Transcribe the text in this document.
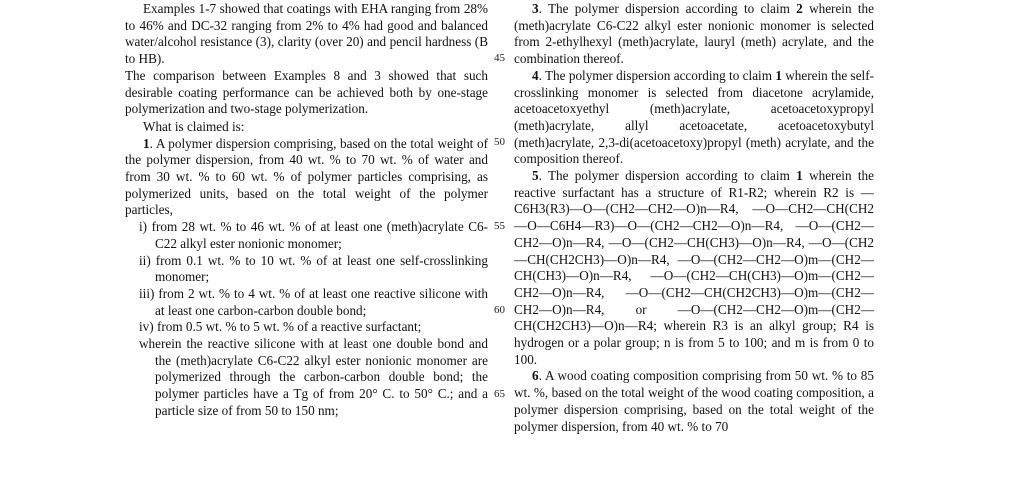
Examples 1-7 showed that coatings with EHA ranging from 28% to 46% and DC-32 ranging from 2% to 4% had good and balanced water/alcohol resistance (3), clarity (over 20) and pencil hardness (B to HB).

The comparison between Examples 8 and 3 showed that such desirable coating performance can be achieved both by one-stage polymerization and two-stage polymerization.

What is claimed is:

1. A polymer dispersion comprising, based on the total weight of the polymer dispersion, from 40 wt. % to 70 wt. % of water and from 30 wt. % to 60 wt. % of polymer particles comprising, as polymerized units, based on the total weight of the polymer particles,

i) from 28 wt. % to 46 wt. % of at least one (meth)acrylate C6-C22 alkyl ester nonionic monomer;

ii) from 0.1 wt. % to 10 wt. % of at least one self-crosslinking monomer;

iii) from 2 wt. % to 4 wt. % of at least one reactive silicone with at least one carbon-carbon double bond;

iv) from 0.5 wt. % to 5 wt. % of a reactive surfactant;

wherein the reactive silicone with at least one double bond and the (meth)acrylate C6-C22 alkyl ester nonionic monomer are polymerized through the carbon-carbon double bond; the polymer particles have a Tg of from 20° C. to 50° C.; and a particle size of from 50 to 150 nm;

45
50
55
60
65

3. The polymer dispersion according to claim 2 wherein the (meth)acrylate C6-C22 alkyl ester nonionic monomer is selected from 2-ethylhexyl (meth)acrylate, lauryl (meth) acrylate, and the combination thereof.

4. The polymer dispersion according to claim 1 wherein the self-crosslinking monomer is selected from diacetone acrylamide, acetoacetoxyethyl (meth)acrylate, acetoacetoxypropyl (meth)acrylate, allyl acetoacetate, acetoacetoxybutyl (meth)acrylate, 2,3-di(acetoacetoxy)propyl (meth) acrylate, and the composition thereof.

5. The polymer dispersion according to claim 1 wherein the reactive surfactant has a structure of R1-R2; wherein R2 is —C6H3(R3)—O—(CH2—CH2—O)n—R4, —O—CH2—CH(CH2—O—C6H4—R3)—O—(CH2—CH2—O)n—R4, —O—(CH2—CH2—O)n—R4, —O—(CH2—CH(CH3)—O)n—R4, —O—(CH2—CH(CH2CH3)—O)n—R4, —O—(CH2—CH2—O)m—(CH2—CH(CH3)—O)n—R4, —O—(CH2—CH(CH3)—O)m—(CH2—CH2—O)n—R4, —O—(CH2—CH(CH2CH3)—O)m—(CH2—CH2—O)n—R4, or —O—(CH2—CH2—O)m—(CH2—CH(CH2CH3)—O)n—R4; wherein R3 is an alkyl group; R4 is hydrogen or a polar group; n is from 5 to 100; and m is from 0 to 100.

6. A wood coating composition comprising from 50 wt. % to 85 wt. %, based on the total weight of the wood coating composition, a polymer dispersion comprising, based on the total weight of the polymer dispersion, from 40 wt. % to 70
